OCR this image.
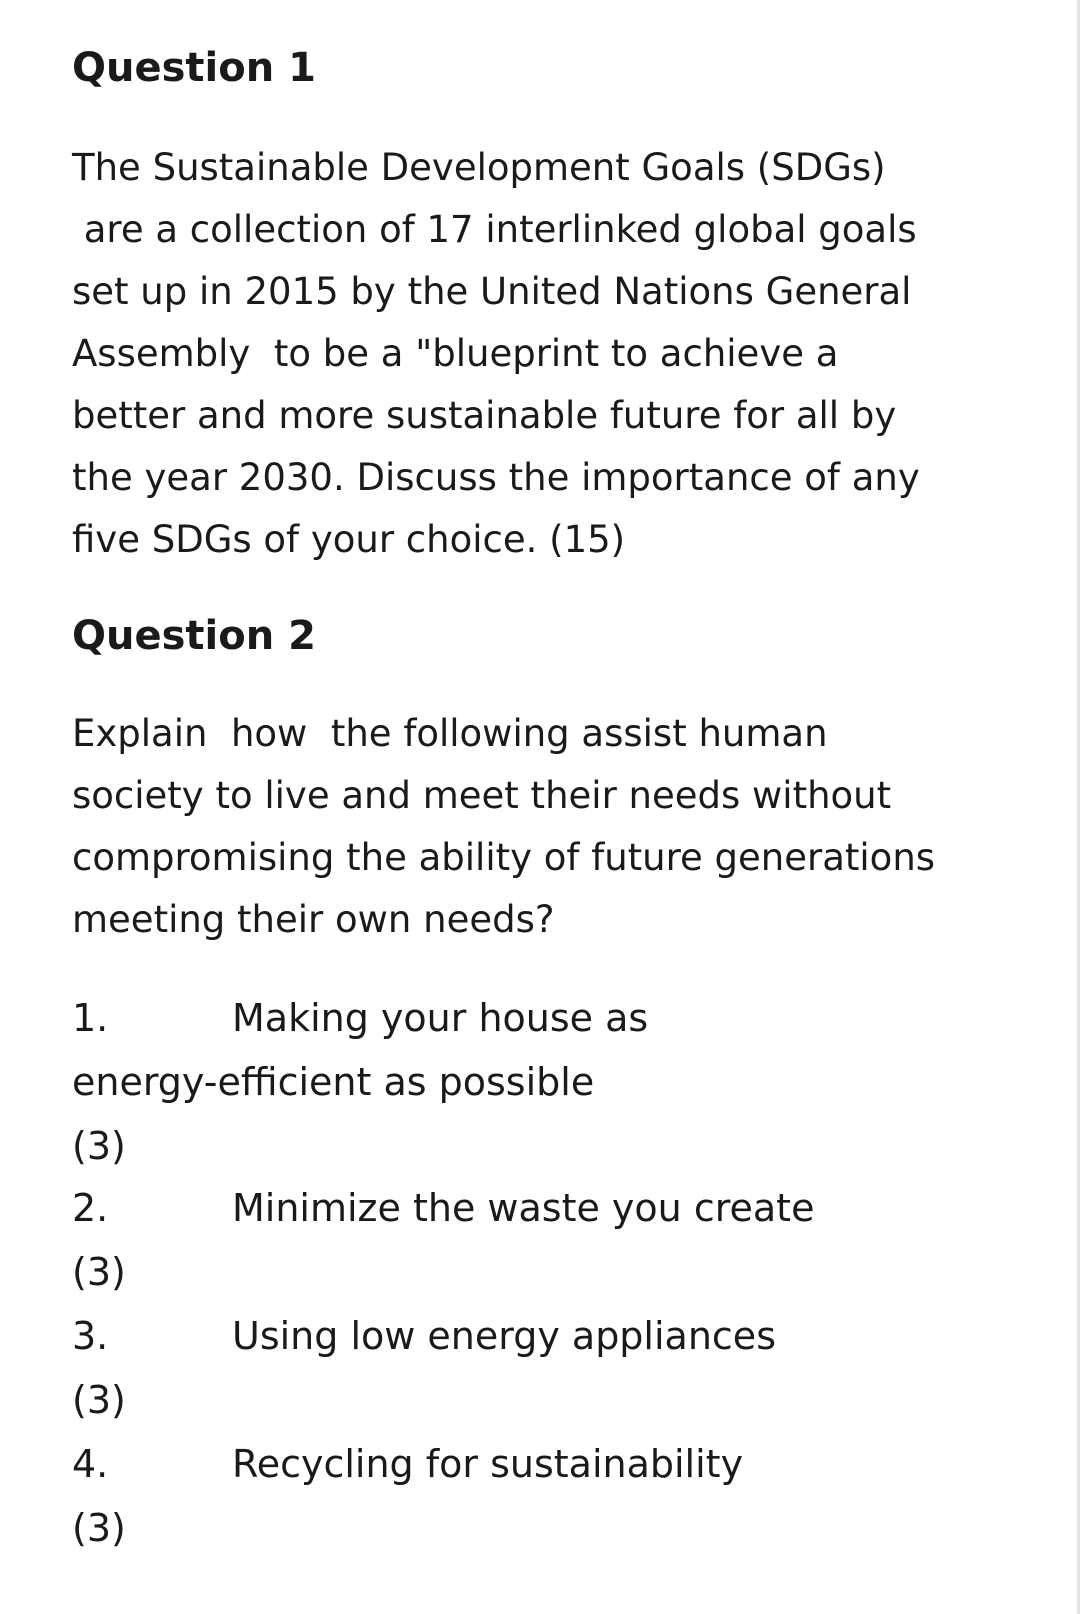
Question 1
The Sustainable Development Goals (SDGs)
are a collection of 17 interlinked global goals
set up in 2015 by the United Nations General
Assembly  to be a "blueprint to achieve a
better and more sustainable future for all by
the year 2030. Discuss the importance of any
five SDGs of your choice. (15)
Question 2
Explain  how  the following assist human
society to live and meet their needs without
compromising the ability of future generations
meeting their own needs?
1.	Making your house as
energy-efficient as possible
(3)
2.	Minimize the waste you create
(3)
3.	Using low energy appliances
(3)
4.	Recycling for sustainability
(3)
